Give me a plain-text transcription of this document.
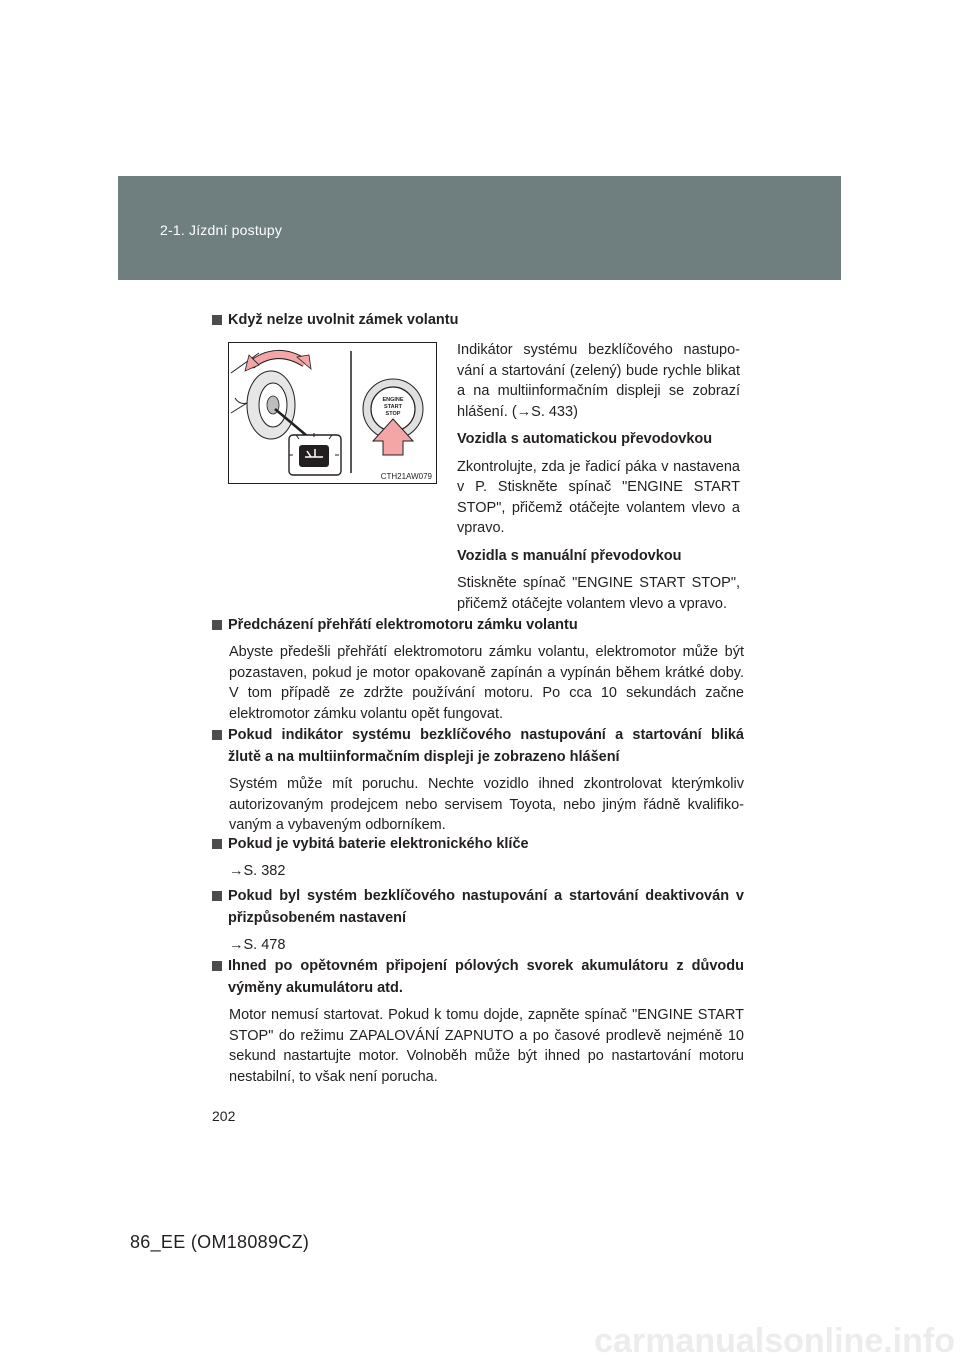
2-1. Jízdní postupy
Když nelze uvolnit zámek volantu
ENGINE
START
STOP
CTH21AW079
Indikátor systému bezklíčového nastupování a startování (zelený) bude rychle blikat a na multiinformačním displeji se zobrazí hlášení. (→S. 433)
Vozidla s automatickou převodovkou
Zkontrolujte, zda je řadicí páka v nastavena v P. Stiskněte spínač "ENGINE START STOP", přičemž otáčejte volantem vlevo a vpravo.
Vozidla s manuální převodovkou
Stiskněte spínač "ENGINE START STOP", přičemž otáčejte volantem vlevo a vpravo.
Předcházení přehřátí elektromotoru zámku volantu
Abyste předešli přehřátí elektromotoru zámku volantu, elektromotor může být pozastaven, pokud je motor opakovaně zapínán a vypínán během krátké doby. V tom případě ze zdržte používání motoru. Po cca 10 sekundách začne elektromotor zámku volantu opět fungovat.
Pokud indikátor systému bezklíčového nastupování a startování bliká žlutě a na multiinformačním displeji je zobrazeno hlášení
Systém může mít poruchu. Nechte vozidlo ihned zkontrolovat kterýmkoliv autorizovaným prodejcem nebo servisem Toyota, nebo jiným řádně kvalifikovaným a vybaveným odborníkem.
Pokud je vybitá baterie elektronického klíče
→S. 382
Pokud byl systém bezklíčového nastupování a startování deaktivován v přizpůsobeném nastavení
→S. 478
Ihned po opětovném připojení pólových svorek akumulátoru z důvodu výměny akumulátoru atd.
Motor nemusí startovat. Pokud k tomu dojde, zapněte spínač "ENGINE START STOP" do režimu ZAPALOVÁNÍ ZAPNUTO a po časové prodlevě nejméně 10 sekund nastartujte motor. Volnoběh může být ihned po nastartování motoru nestabilní, to však není porucha.
202
86_EE (OM18089CZ)
carmanualsonline.info
